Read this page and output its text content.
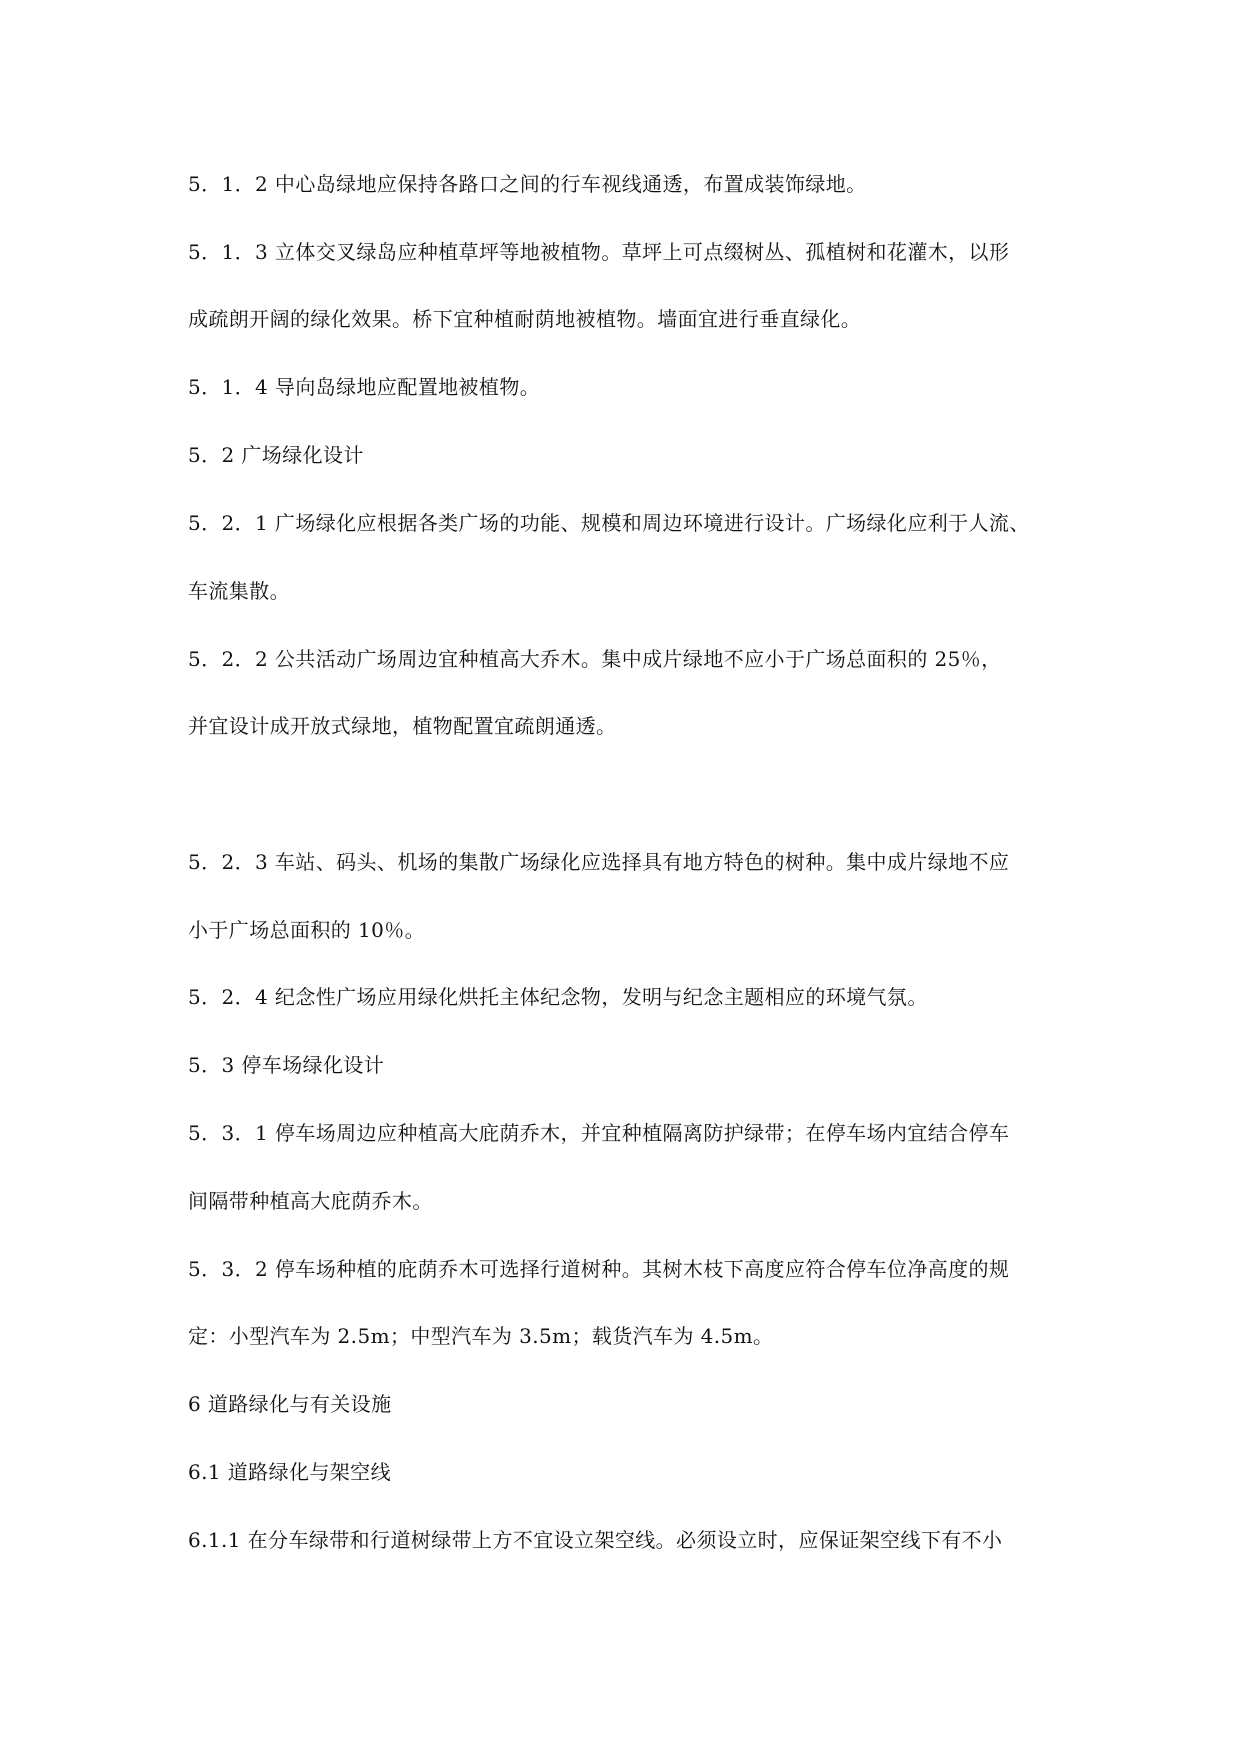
5．1．2 中心岛绿地应保持各路口之间的行车视线通透，布置成装饰绿地。
5．1．3 立体交叉绿岛应种植草坪等地被植物。草坪上可点缀树丛、孤植树和花灌木，以形
成疏朗开阔的绿化效果。桥下宜种植耐荫地被植物。墙面宜进行垂直绿化。
5．1．4 导向岛绿地应配置地被植物。
5．2 广场绿化设计
5．2．1 广场绿化应根据各类广场的功能、规模和周边环境进行设计。广场绿化应利于人流、
车流集散。
5．2．2 公共活动广场周边宜种植高大乔木。集中成片绿地不应小于广场总面积的 25％，
并宜设计成开放式绿地，植物配置宜疏朗通透。
5．2．3 车站、码头、机场的集散广场绿化应选择具有地方特色的树种。集中成片绿地不应
小于广场总面积的 10％。
5．2．4 纪念性广场应用绿化烘托主体纪念物，发明与纪念主题相应的环境气氛。
5．3 停车场绿化设计
5．3．1 停车场周边应种植高大庇荫乔木，并宜种植隔离防护绿带；在停车场内宜结合停车
间隔带种植高大庇荫乔木。
5．3．2 停车场种植的庇荫乔木可选择行道树种。其树木枝下高度应符合停车位净高度的规
定：小型汽车为 2.5m；中型汽车为 3.5m；载货汽车为 4.5m。
6 道路绿化与有关设施
6.1 道路绿化与架空线
6.1.1 在分车绿带和行道树绿带上方不宜设立架空线。必须设立时，应保证架空线下有不小
